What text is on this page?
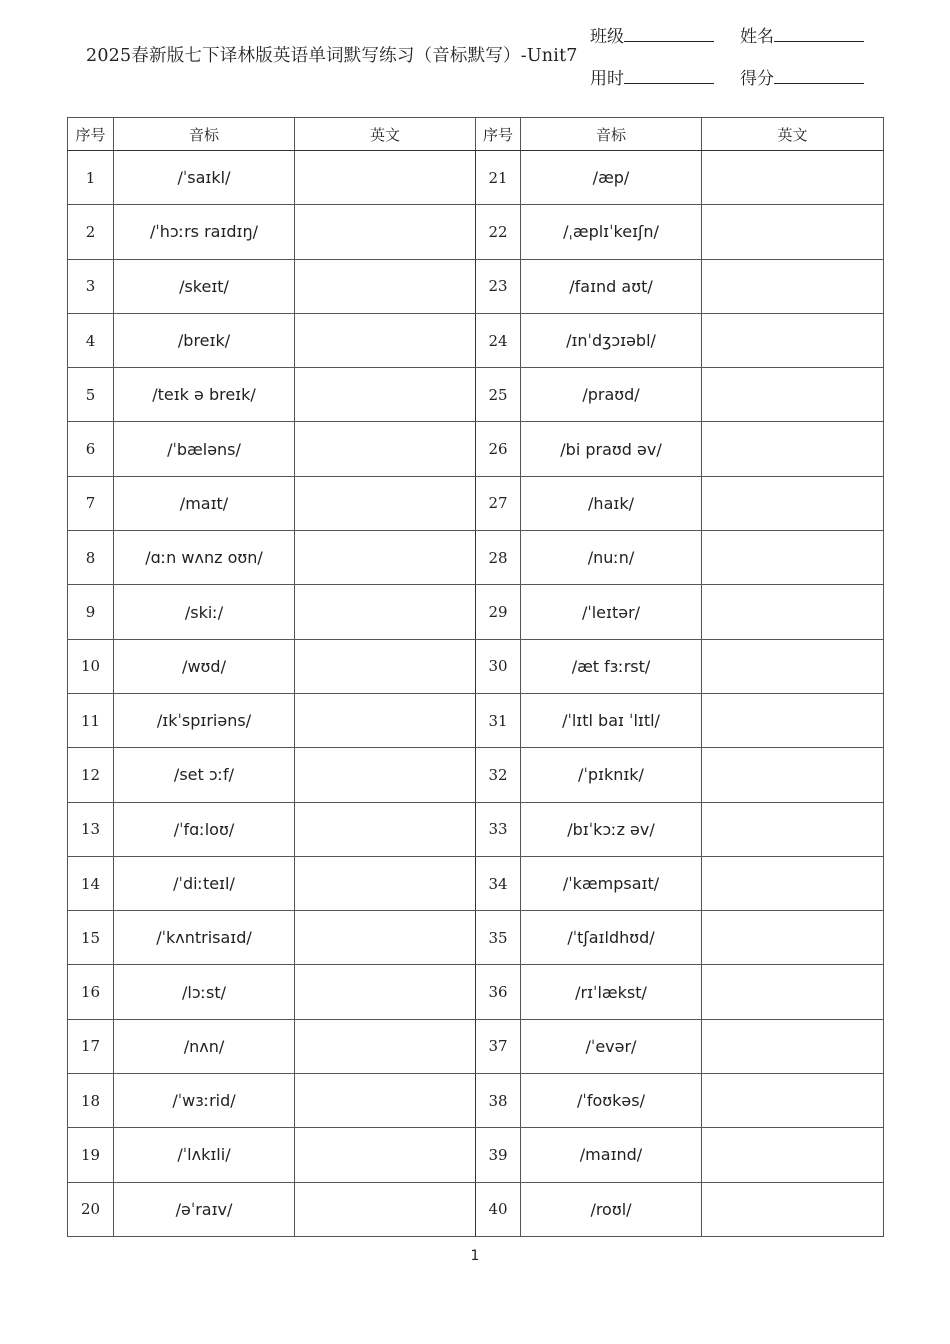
2025春新版七下译林版英语单词默写练习（音标默写）-Unit7
班级	姓名
用时	得分
序号	音标	英文	序号	音标	英文
1	/ˈsaɪkl/		21	/æp/	
2	/ˈhɔːrs raɪdɪŋ/		22	/ˌæplɪˈkeɪʃn/	
3	/skeɪt/		23	/faɪnd aʊt/	
4	/breɪk/		24	/ɪnˈdʒɔɪəbl/	
5	/teɪk ə breɪk/		25	/praʊd/	
6	/ˈbæləns/		26	/bi praʊd əv/	
7	/maɪt/		27	/haɪk/	
8	/ɑːn wʌnz oʊn/		28	/nuːn/	
9	/skiː/		29	/ˈleɪtər/	
10	/wʊd/		30	/æt fɜːrst/	
11	/ɪkˈspɪriəns/		31	/ˈlɪtl baɪ ˈlɪtl/	
12	/set ɔːf/		32	/ˈpɪknɪk/	
13	/ˈfɑːloʊ/		33	/bɪˈkɔːz əv/	
14	/ˈdiːteɪl/		34	/ˈkæmpsaɪt/	
15	/ˈkʌntrisaɪd/		35	/ˈtʃaɪldhʊd/	
16	/lɔːst/		36	/rɪˈlækst/	
17	/nʌn/		37	/ˈevər/	
18	/ˈwɜːrid/		38	/ˈfoʊkəs/	
19	/ˈlʌkɪli/		39	/maɪnd/	
20	/əˈraɪv/		40	/roʊl/	
1
